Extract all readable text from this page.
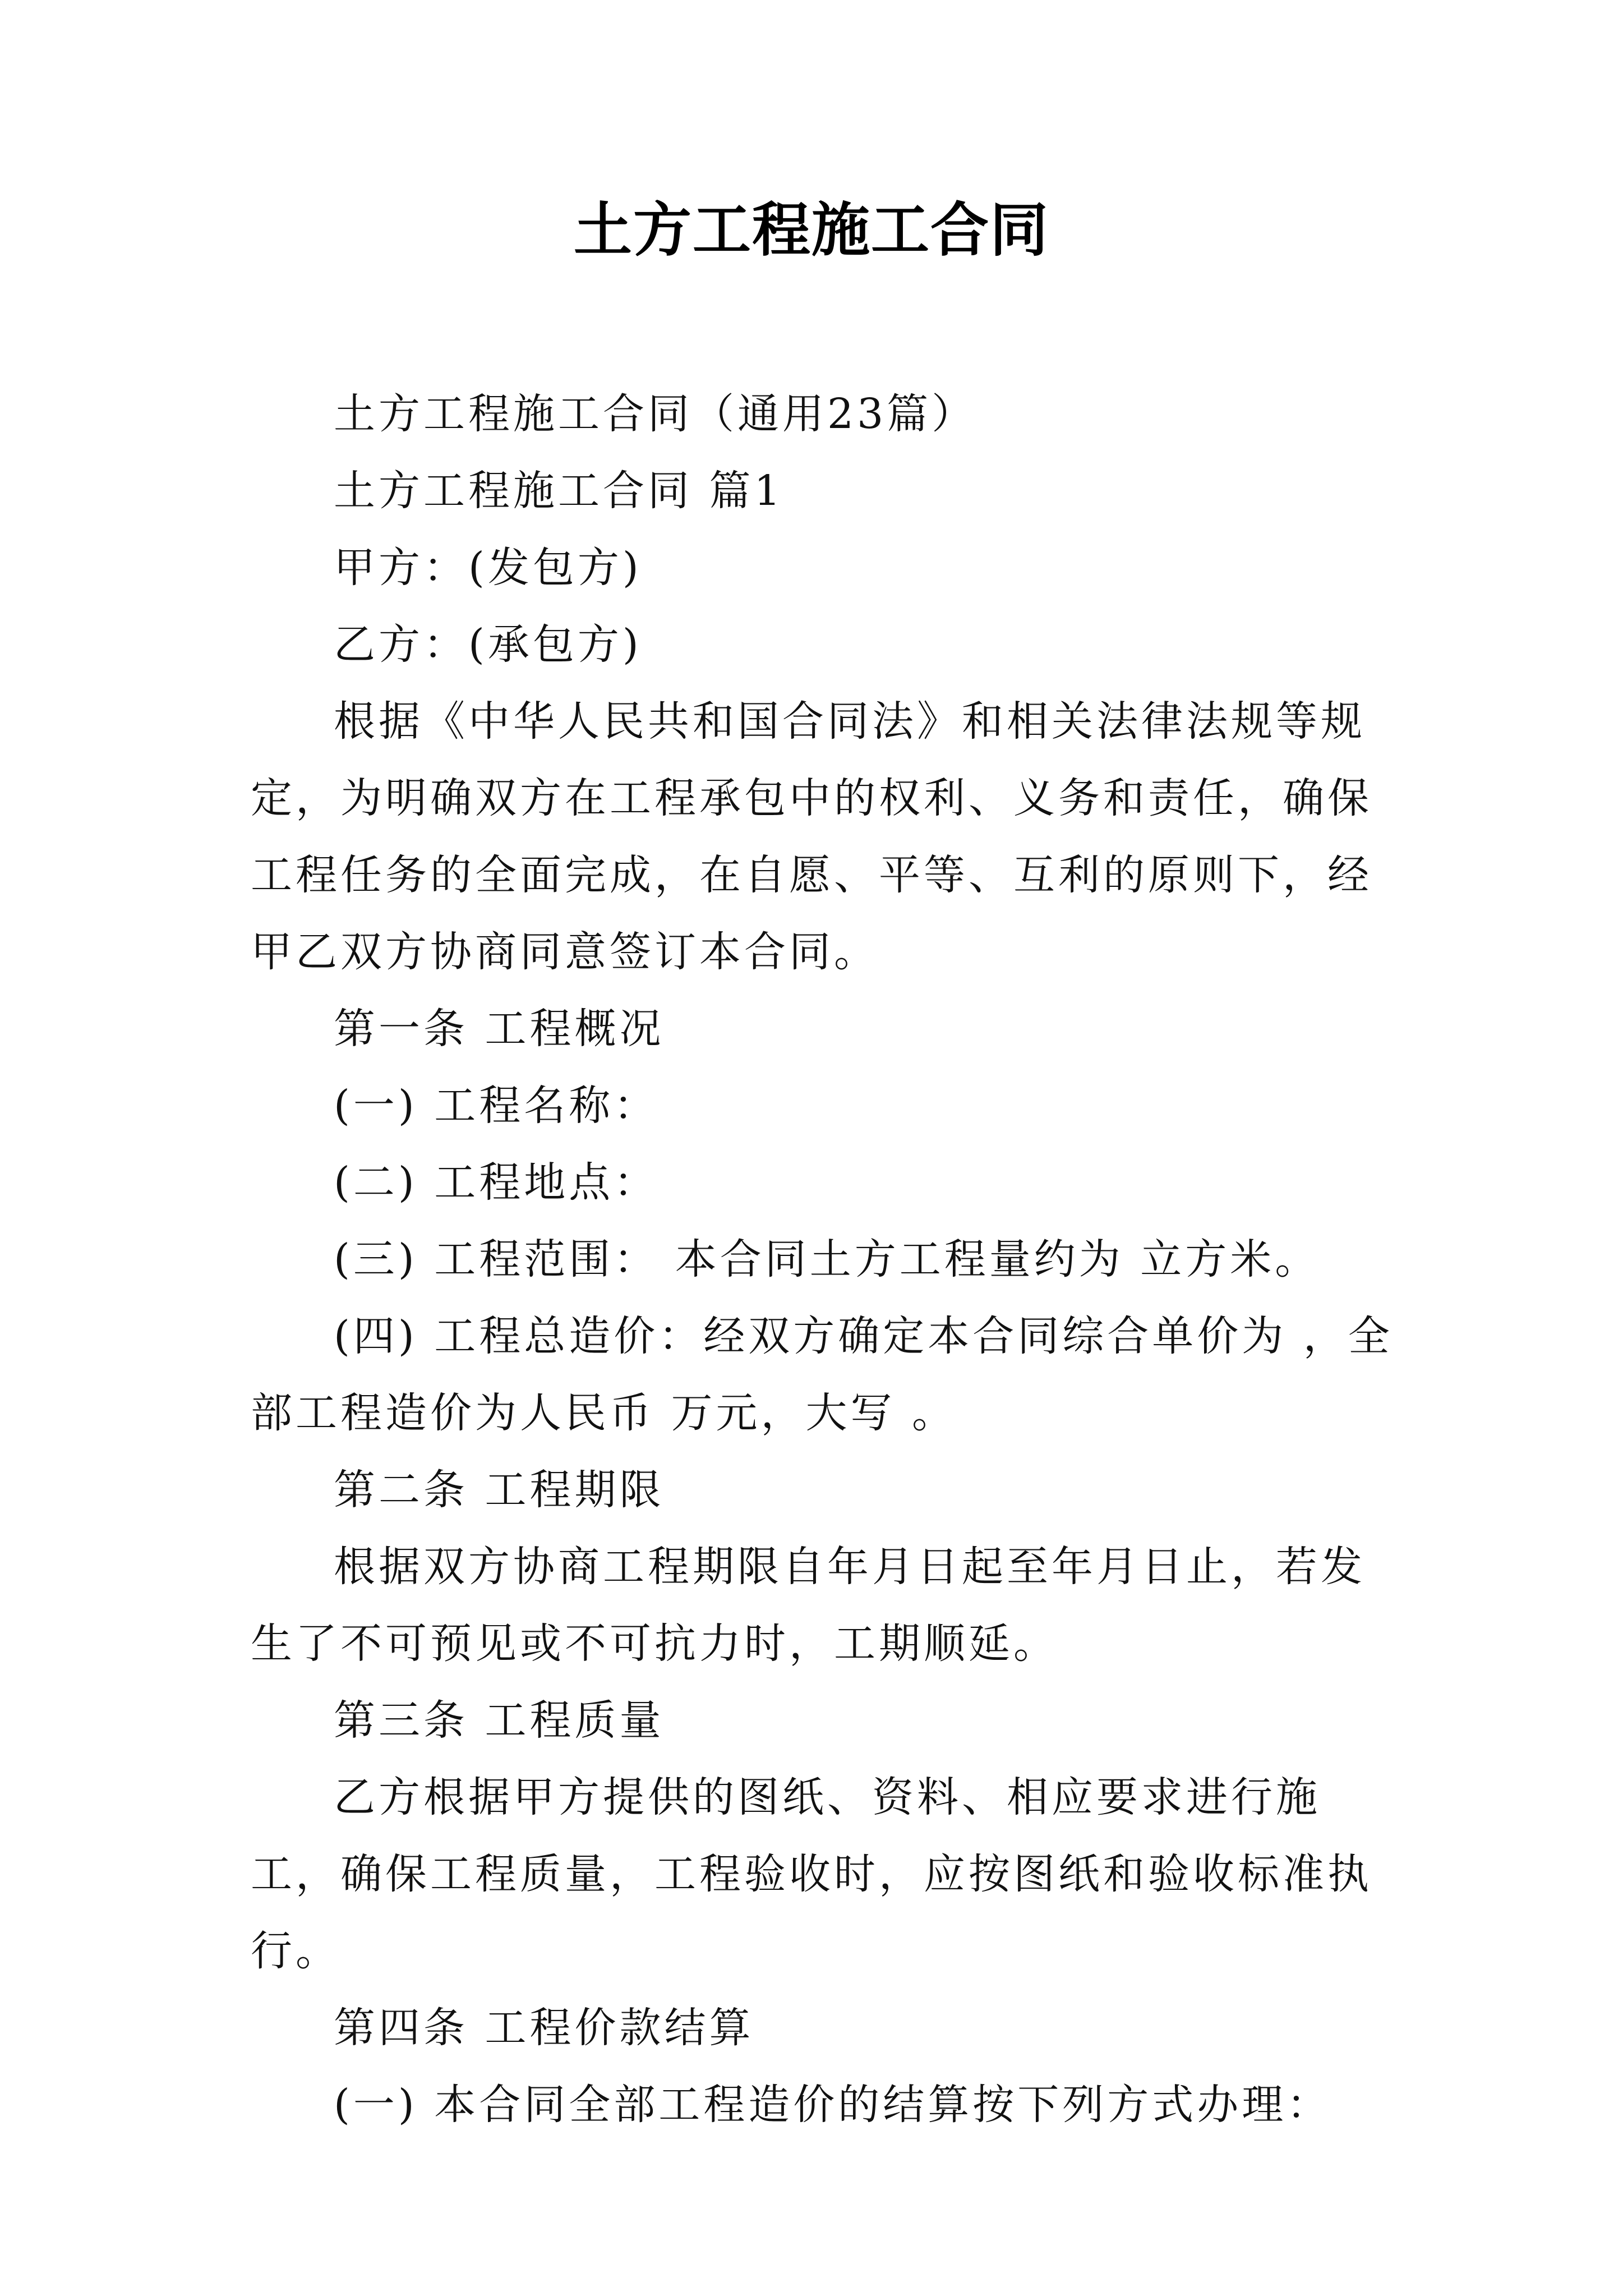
土方工程施工合同

土方工程施工合同（通用23篇）

土方工程施工合同 篇1

甲方：(发包方)

乙方：(承包方)

根据《中华人民共和国合同法》和相关法律法规等规定，为明确双方在工程承包中的权利、义务和责任，确保工程任务的全面完成，在自愿、平等、互利的原则下，经甲乙双方协商同意签订本合同。

第一条 工程概况

(一) 工程名称：

(二) 工程地点：

(三) 工程范围： 本合同土方工程量约为 立方米。

(四) 工程总造价：经双方确定本合同综合单价为 ，全部工程造价为人民币 万元，大写 。

第二条 工程期限

根据双方协商工程期限自年月日起至年月日止，若发生了不可预见或不可抗力时，工期顺延。

第三条 工程质量

乙方根据甲方提供的图纸、资料、相应要求进行施工，确保工程质量，工程验收时，应按图纸和验收标准执行。

第四条 工程价款结算

(一) 本合同全部工程造价的结算按下列方式办理：
